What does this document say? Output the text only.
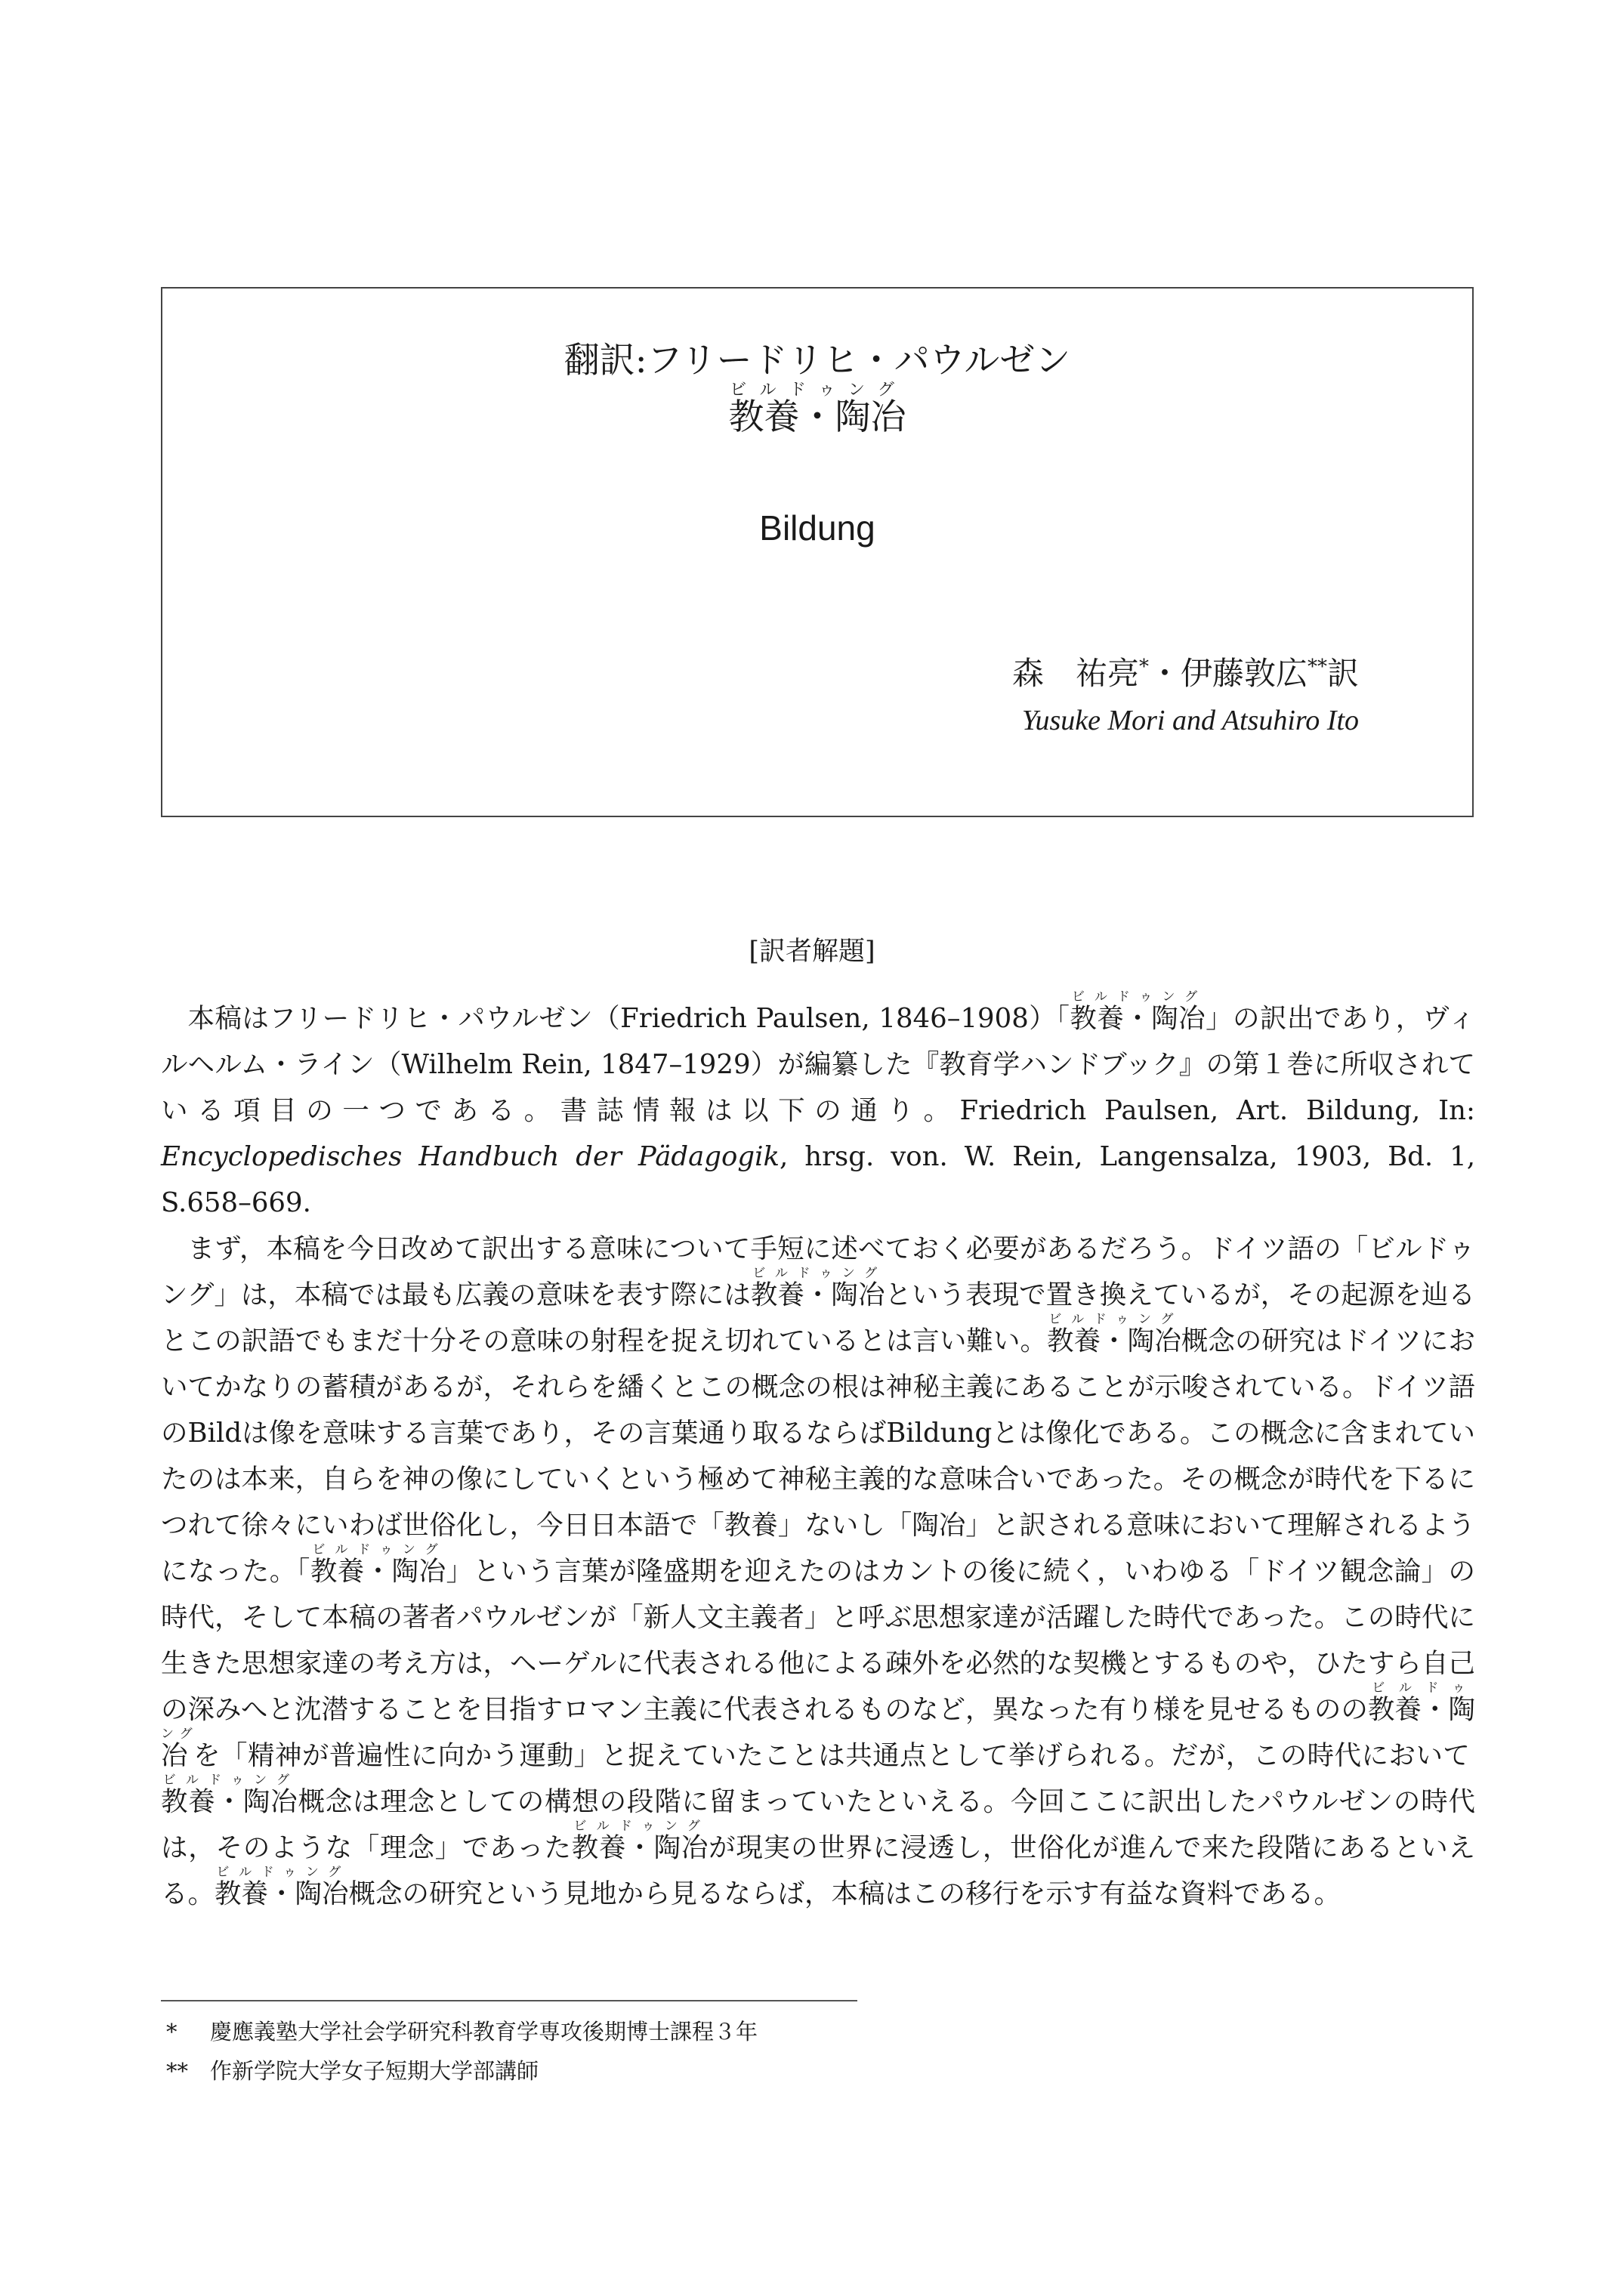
翻訳:フリードリヒ・パウルゼン
教養・陶冶ビルドゥング
Bildung
森　祐亮*・伊藤敦広**訳
Yusuke Mori and Atsuhiro Ito
[訳者解題]

本稿はフリードリヒ・パウルゼン（Friedrich Paulsen, 1846–1908）「教養・陶冶ビルドゥング」の訳出であり，ヴィルヘルム・ライン（Wilhelm Rein, 1847–1929）が編纂した『教育学ハンドブック』の第１巻に所収されている項目の一つである。書誌情報は以下の通り。Friedrich Paulsen, Art. Bildung, In: Encyclopedisches Handbuch der Pädagogik, hrsg. von. W. Rein, Langensalza, 1903, Bd. 1, S.658–669.

まず，本稿を今日改めて訳出する意味について手短に述べておく必要があるだろう。ドイツ語の「ビルドゥング」は，本稿では最も広義の意味を表す際には教養・陶冶ビルドゥングという表現で置き換えているが，その起源を辿るとこの訳語でもまだ十分その意味の射程を捉え切れているとは言い難い。教養・陶冶ビルドゥング概念の研究はドイツにおいてかなりの蓄積があるが，それらを繙くとこの概念の根は神秘主義にあることが示唆されている。ドイツ語のBildは像を意味する言葉であり，その言葉通り取るならばBildungとは像化である。この概念に含まれていたのは本来，自らを神の像にしていくという極めて神秘主義的な意味合いであった。その概念が時代を下るにつれて徐々にいわば世俗化し，今日日本語で「教養」ないし「陶冶」と訳される意味において理解されるようになった。「教養・陶冶ビルドゥング」という言葉が隆盛期を迎えたのはカントの後に続く，いわゆる「ドイツ観念論」の時代，そして本稿の著者パウルゼンが「新人文主義者」と呼ぶ思想家達が活躍した時代であった。この時代に生きた思想家達の考え方は，ヘーゲルに代表される他による疎外を必然的な契機とするものや，ひたすら自己の深みへと沈潜することを目指すロマン主義に代表されるものなど，異なった有り様を見せるものの教養・陶冶ビルドゥングを「精神が普遍性に向かう運動」と捉えていたことは共通点として挙げられる。だが，この時代において教養・陶冶ビルドゥング概念は理念としての構想の段階に留まっていたといえる。今回ここに訳出したパウルゼンの時代は，そのような「理念」であった教養・陶冶ビルドゥングが現実の世界に浸透し，世俗化が進んで来た段階にあるといえる。教養・陶冶ビルドゥング概念の研究という見地から見るならば，本稿はこの移行を示す有益な資料である。

* 慶應義塾大学社会学研究科教育学専攻後期博士課程３年
** 作新学院大学女子短期大学部講師
